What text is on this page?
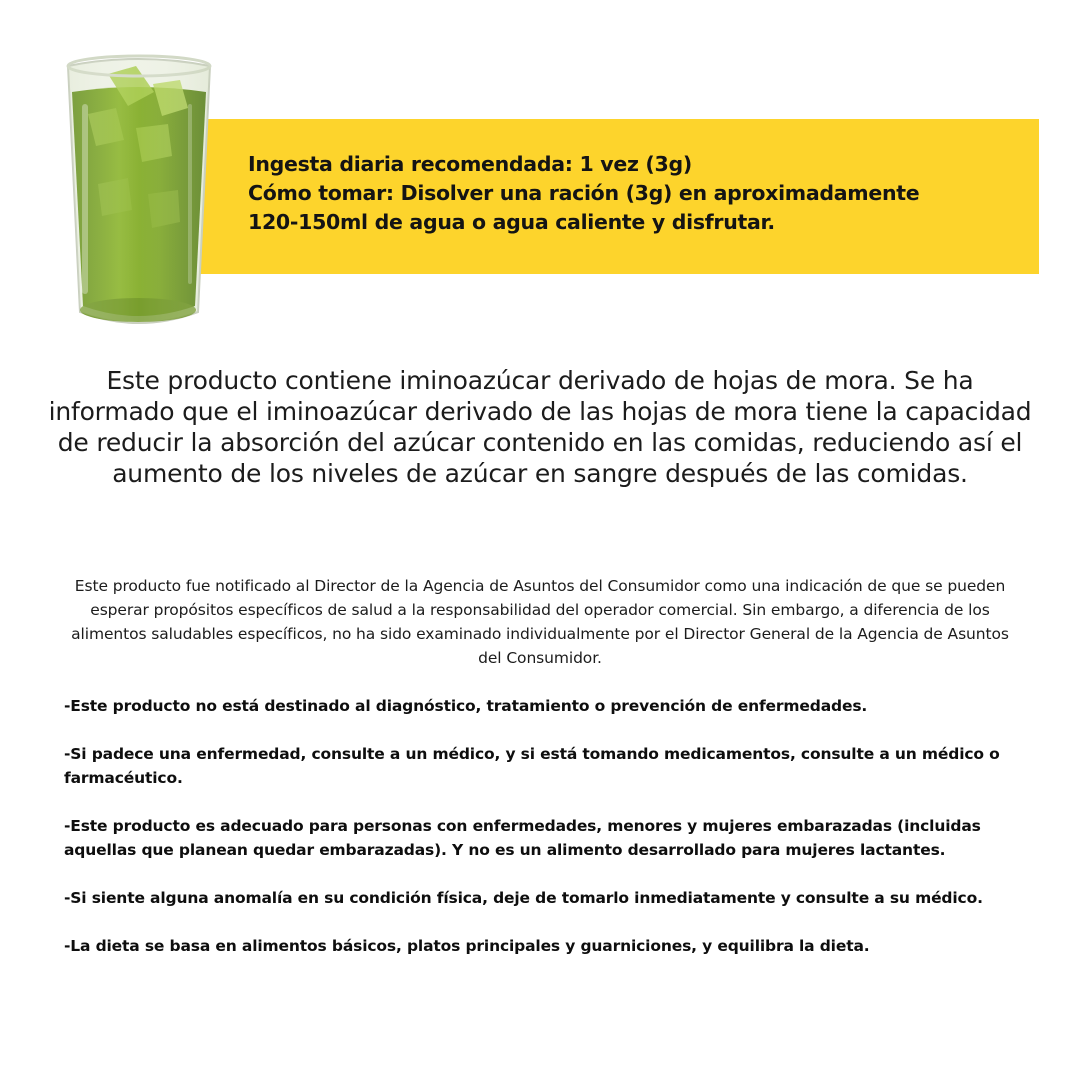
Ingesta diaria recomendada: 1 vez (3g)
Cómo tomar: Disolver una ración (3g) en aproximadamente
120-150ml de agua o agua caliente y disfrutar.
Este producto contiene iminoazúcar derivado de hojas de mora. Se ha informado que el iminoazúcar derivado de las hojas de mora tiene la capacidad de reducir la absorción del azúcar contenido en las comidas, reduciendo así el aumento de los niveles de azúcar en sangre después de las comidas.
Este producto fue notificado al Director de la Agencia de Asuntos del Consumidor como una indicación de que se pueden esperar propósitos específicos de salud a la responsabilidad del operador comercial. Sin embargo, a diferencia de los alimentos saludables específicos, no ha sido examinado individualmente por el Director General de la Agencia de Asuntos del Consumidor.
-Este producto no está destinado al diagnóstico, tratamiento o prevención de enfermedades.
-Si padece una enfermedad, consulte a un médico, y si está tomando medicamentos, consulte a un médico o farmacéutico.
-Este producto es adecuado para personas con enfermedades, menores y mujeres embarazadas (incluidas aquellas que planean quedar embarazadas). Y no es un alimento desarrollado para mujeres lactantes.
-Si siente alguna anomalía en su condición física, deje de tomarlo inmediatamente y consulte a su médico.
-La dieta se basa en alimentos básicos, platos principales y guarniciones, y equilibra la dieta.
